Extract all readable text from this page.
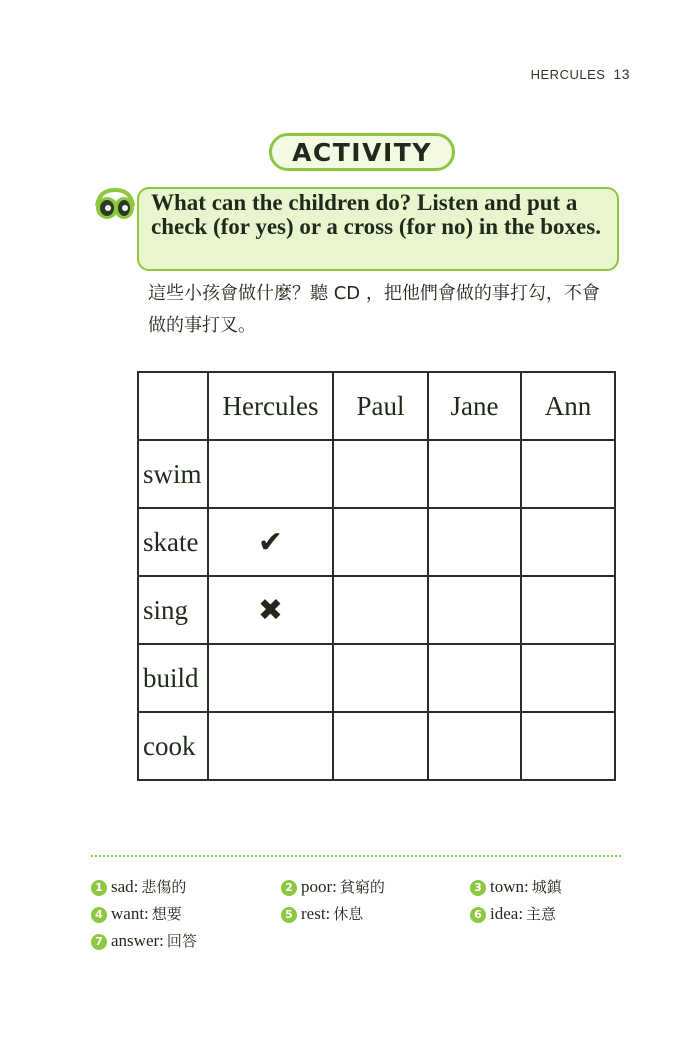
HERCULES 13
ACTIVITY
What can the children do? Listen and put a check (for yes) or a cross (for no) in the boxes.
這些小孩會做什麼？聽 CD ，把他們會做的事打勾，不會做的事打叉。
	Hercules	Paul	Jane	Ann
swim				
skate	✔			
sing	✖			
build				
cook				
1 sad: 悲傷的	2 poor: 貧窮的	3 town: 城鎮
4 want: 想要	5 rest: 休息	6 idea: 主意
7 answer: 回答
